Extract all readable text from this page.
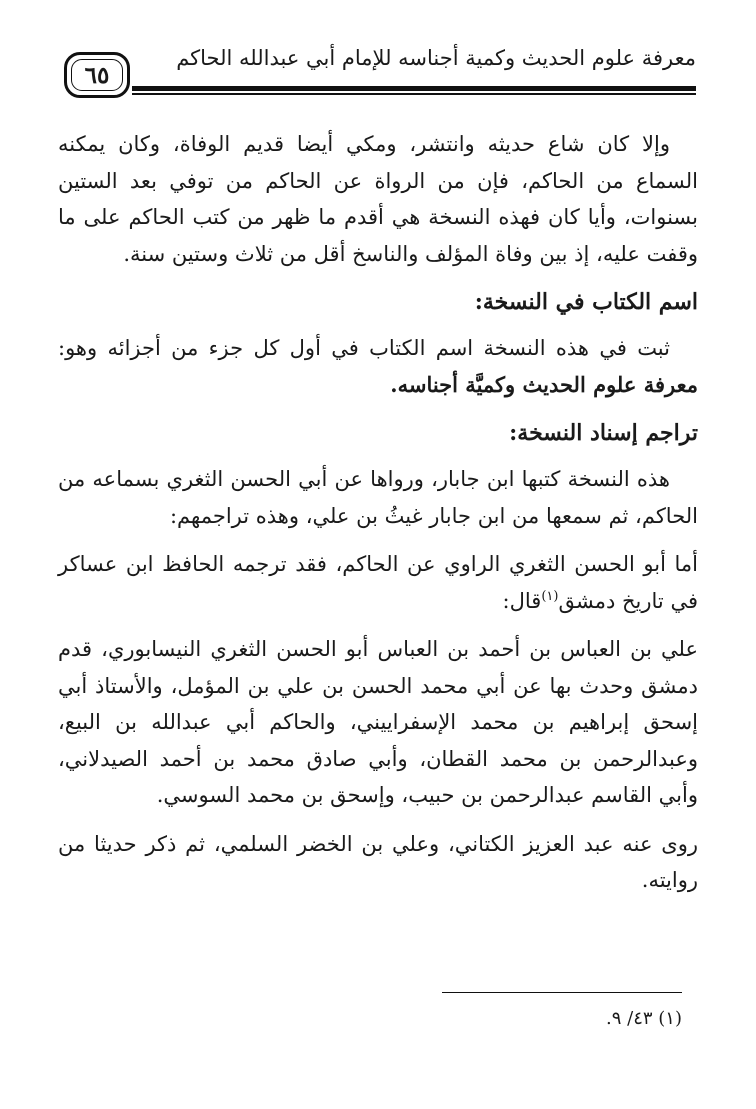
معرفة علوم الحديث وكمية أجناسه للإمام أبي عبدالله الحاكم
٦٥

وإلا كان شاع حديثه وانتشر، ومكي أيضا قديم الوفاة، وكان يمكنه السماع من الحاكم، فإن من الرواة عن الحاكم من توفي بعد الستين بسنوات، وأيا كان فهذه النسخة هي أقدم ما ظهر من كتب الحاكم على ما وقفت عليه، إذ بين وفاة المؤلف والناسخ أقل من ثلاث وستين سنة.

اسم الكتاب في النسخة:

ثبت في هذه النسخة اسم الكتاب في أول كل جزء من أجزائه وهو: معرفة علوم الحديث وكميَّة أجناسه.

تراجم إسناد النسخة:

هذه النسخة كتبها ابن جابار، ورواها عن أبي الحسن الثغري بسماعه من الحاكم، ثم سمعها من ابن جابار غيثُ بن علي، وهذه تراجمهم:

أما أبو الحسن الثغري الراوي عن الحاكم، فقد ترجمه الحافظ ابن عساكر في تاريخ دمشق$^{(١)}$قال:

علي بن العباس بن أحمد بن العباس أبو الحسن الثغري النيسابوري، قدم دمشق وحدث بها عن أبي محمد الحسن بن علي بن المؤمل، والأستاذ أبي إسحق إبراهيم بن محمد الإسفراييني، والحاكم أبي عبدالله بن البيع، وعبدالرحمن بن محمد القطان، وأبي صادق محمد بن أحمد الصيدلاني، وأبي القاسم عبدالرحمن بن حبيب، وإسحق بن محمد السوسي.

روى عنه عبد العزيز الكتاني، وعلي بن الخضر السلمي، ثم ذكر حديثا من روايته.

(١) ٤٣/ ٩.
